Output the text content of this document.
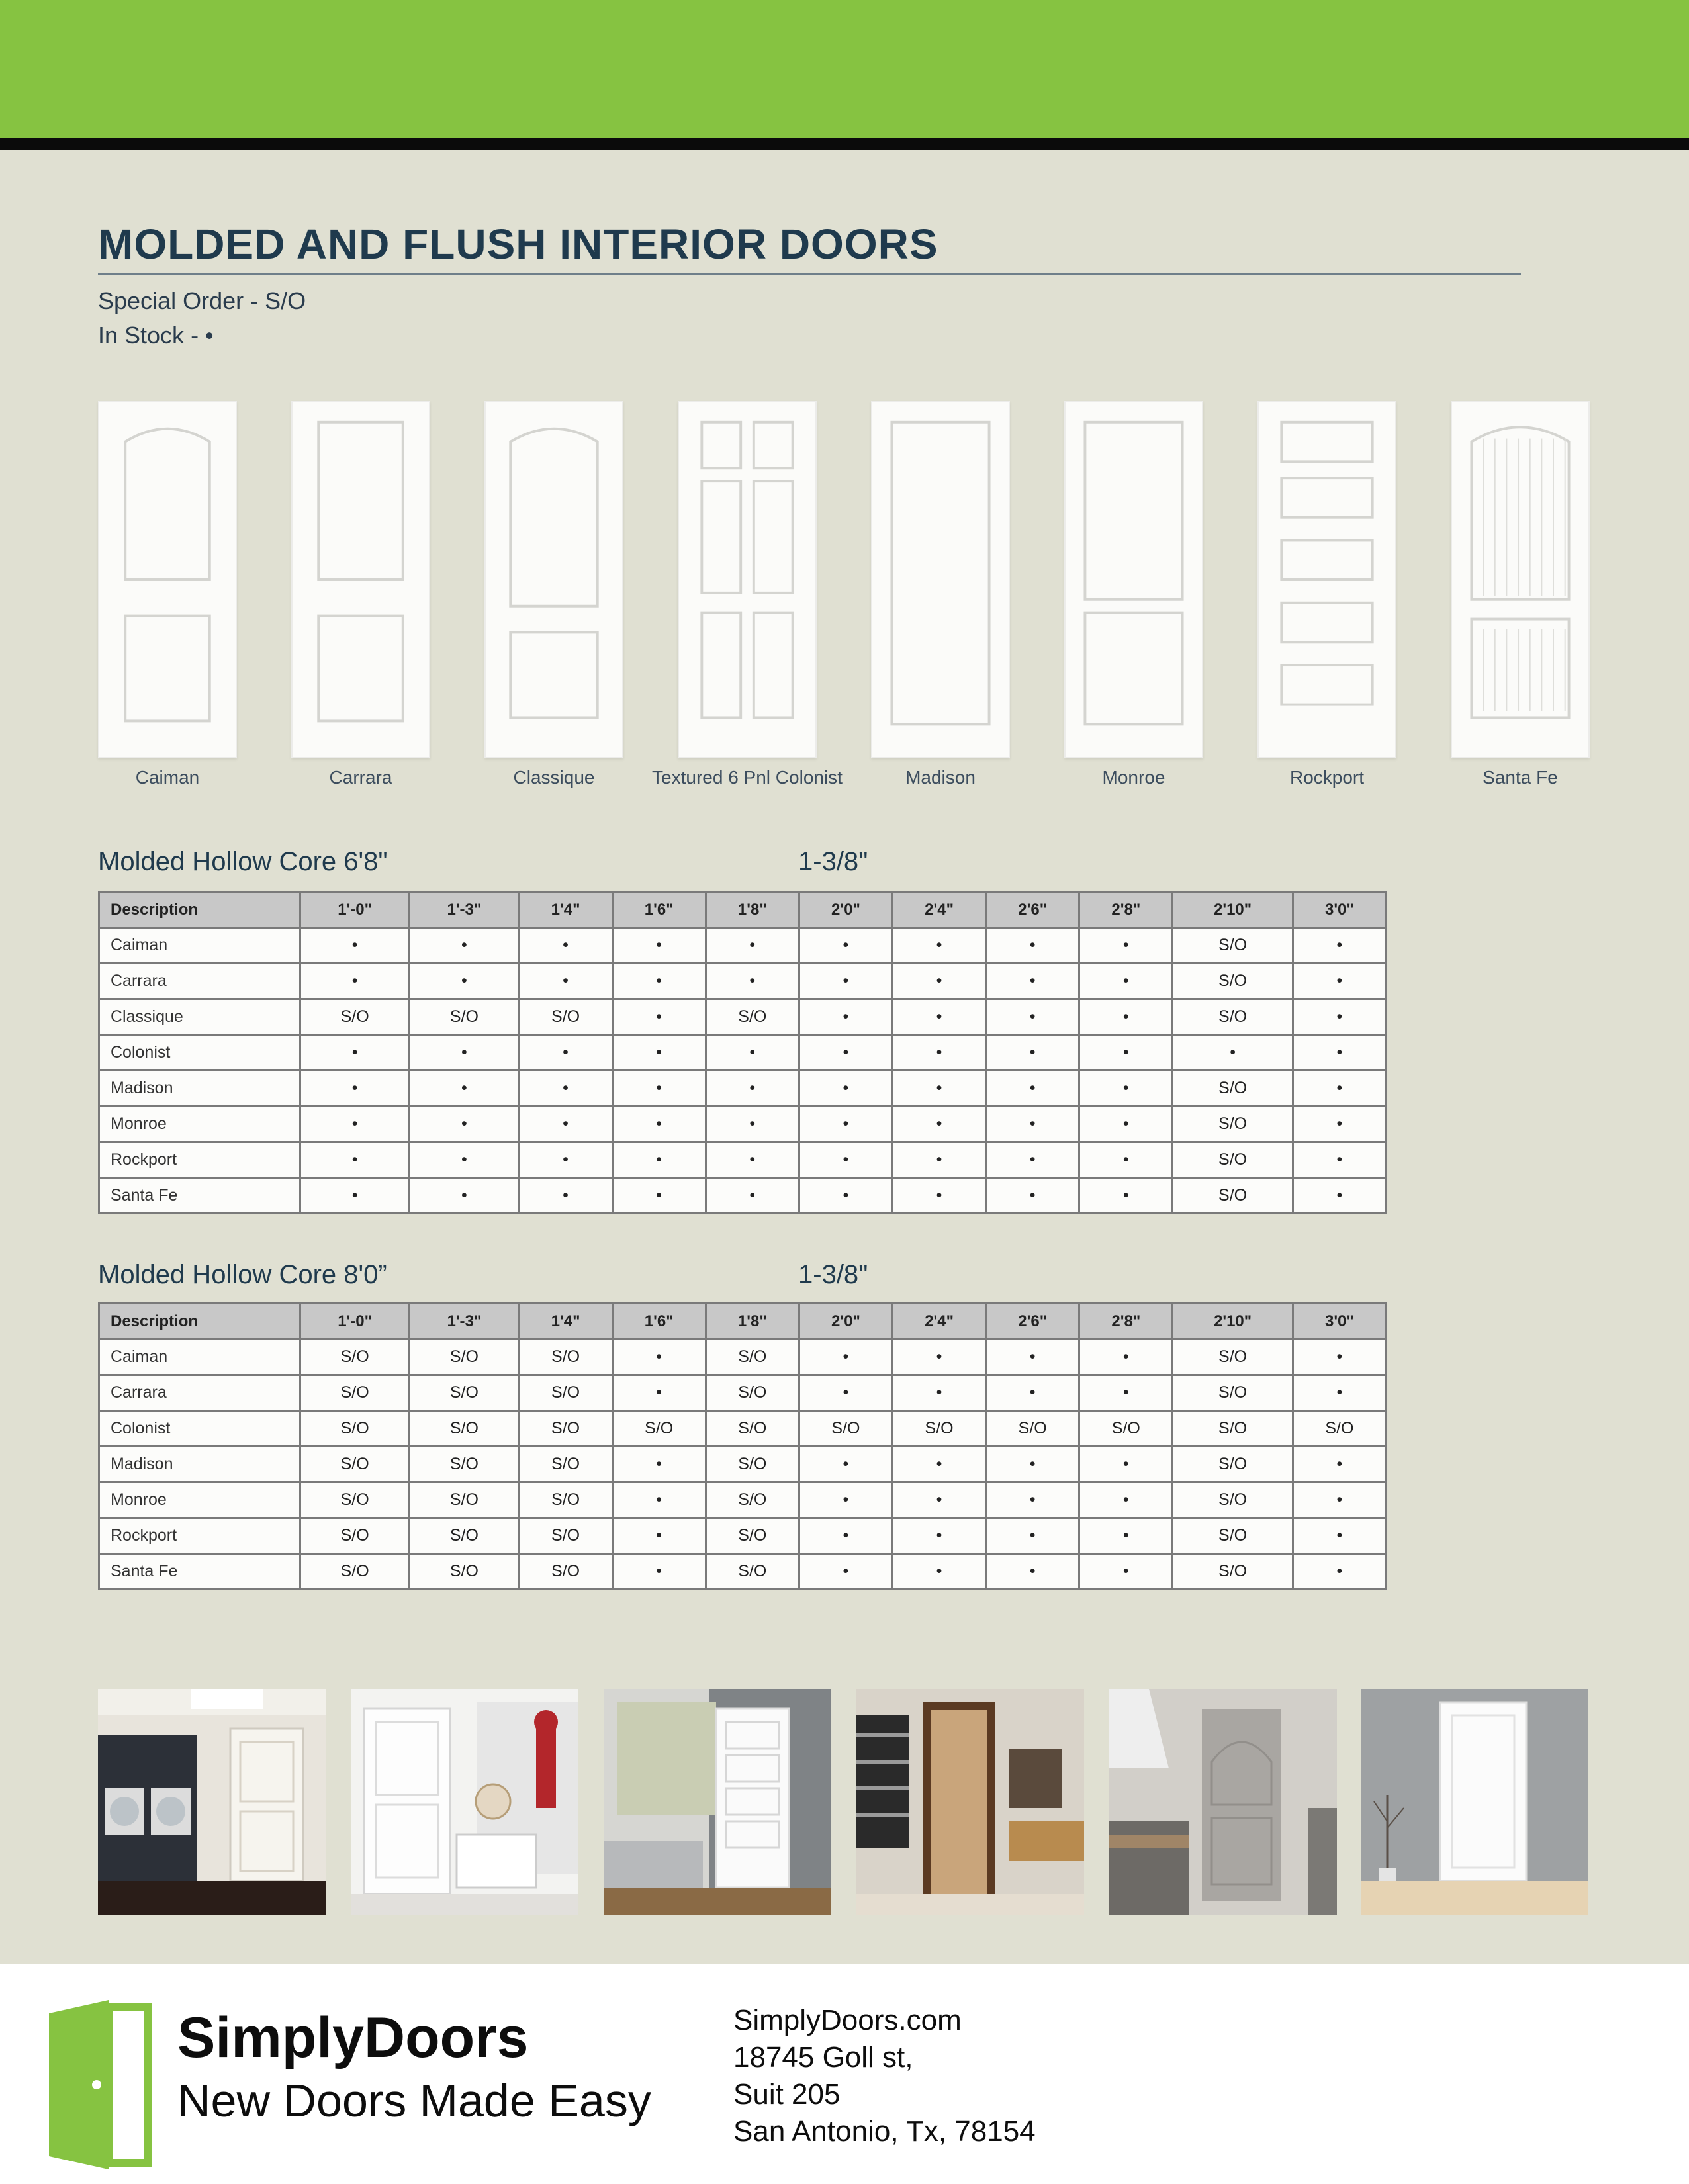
MOLDED AND FLUSH INTERIOR DOORS
Special Order - S/O
In Stock - •
Caiman	Carrara	Classique	Textured 6 Pnl Colonist	Madison	Monroe	Rockport	Santa Fe
Molded Hollow Core 6'8"	1-3/8"
Description	1'-0"	1'-3"	1'4"	1'6"	1'8"	2'0"	2'4"	2'6"	2'8"	2'10"	3'0"
Caiman	•	•	•	•	•	•	•	•	•	S/O	•
Carrara	•	•	•	•	•	•	•	•	•	S/O	•
Classique	S/O	S/O	S/O	•	S/O	•	•	•	•	S/O	•
Colonist	•	•	•	•	•	•	•	•	•	•	•
Madison	•	•	•	•	•	•	•	•	•	S/O	•
Monroe	•	•	•	•	•	•	•	•	•	S/O	•
Rockport	•	•	•	•	•	•	•	•	•	S/O	•
Santa Fe	•	•	•	•	•	•	•	•	•	S/O	•
Molded Hollow Core 8'0”	1-3/8"
Description	1'-0"	1'-3"	1'4"	1'6"	1'8"	2'0"	2'4"	2'6"	2'8"	2'10"	3'0"
Caiman	S/O	S/O	S/O	•	S/O	•	•	•	•	S/O	•
Carrara	S/O	S/O	S/O	•	S/O	•	•	•	•	S/O	•
Colonist	S/O	S/O	S/O	S/O	S/O	S/O	S/O	S/O	S/O	S/O	S/O
Madison	S/O	S/O	S/O	•	S/O	•	•	•	•	S/O	•
Monroe	S/O	S/O	S/O	•	S/O	•	•	•	•	S/O	•
Rockport	S/O	S/O	S/O	•	S/O	•	•	•	•	S/O	•
Santa Fe	S/O	S/O	S/O	•	S/O	•	•	•	•	S/O	•
SimplyDoors
New Doors Made Easy
SimplyDoors.com
18745 Goll st,
Suit 205
San Antonio, Tx, 78154
